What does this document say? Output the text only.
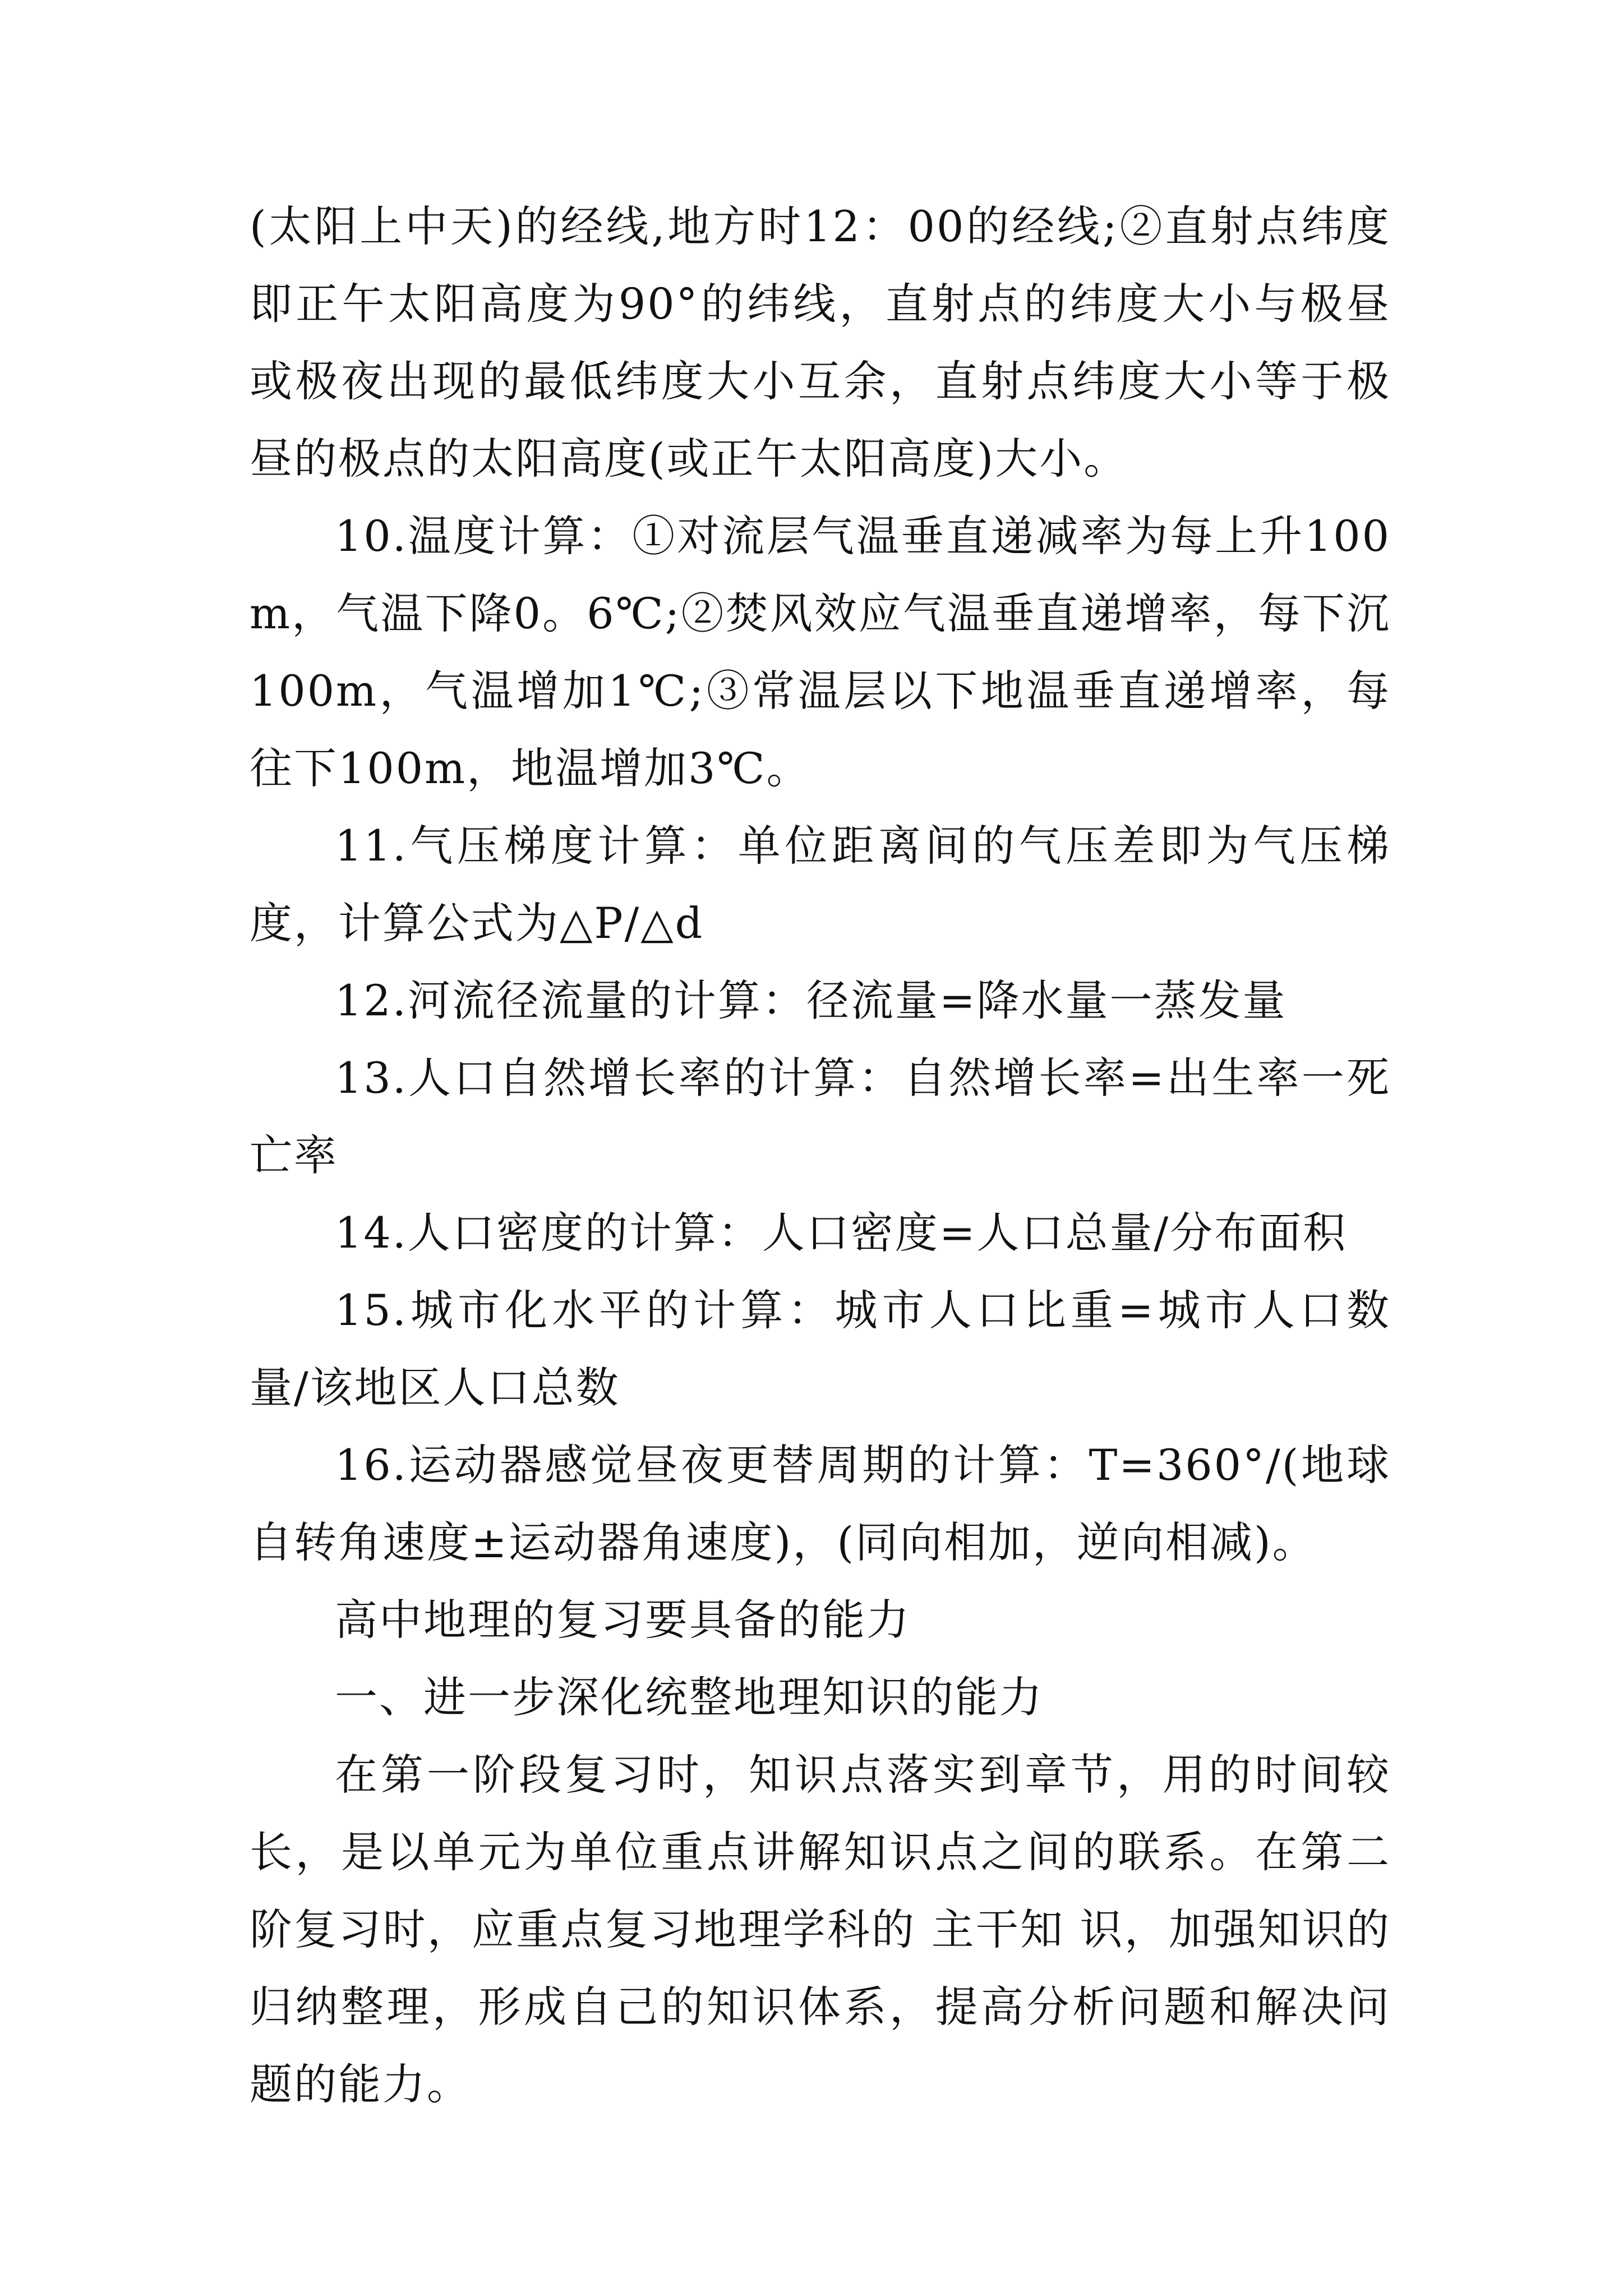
(太阳上中天)的经线,地方时12：00的经线;②直射点纬度即正午太阳高度为90°的纬线，直射点的纬度大小与极昼或极夜出现的最低纬度大小互余，直射点纬度大小等于极昼的极点的太阳高度(或正午太阳高度)大小。

10.温度计算：①对流层气温垂直递减率为每上升100m，气温下降0。6℃;②焚风效应气温垂直递增率，每下沉100m，气温增加1℃;③常温层以下地温垂直递增率，每往下100m，地温增加3℃。

11.气压梯度计算：单位距离间的气压差即为气压梯度，计算公式为△P/△d

12.河流径流量的计算：径流量=降水量一蒸发量

13.人口自然增长率的计算：自然增长率=出生率一死亡率

14.人口密度的计算：人口密度=人口总量/分布面积

15.城市化水平的计算：城市人口比重=城市人口数量/该地区人口总数

16.运动器感觉昼夜更替周期的计算：T=360°/(地球自转角速度±运动器角速度)，(同向相加，逆向相减)。

高中地理的复习要具备的能力

一、进一步深化统整地理知识的能力

在第一阶段复习时，知识点落实到章节，用的时间较长，是以单元为单位重点讲解知识点之间的联系。在第二阶复习时，应重点复习地理学科的 主干知 识，加强知识的归纳整理，形成自己的知识体系，提高分析问题和解决问题的能力。
